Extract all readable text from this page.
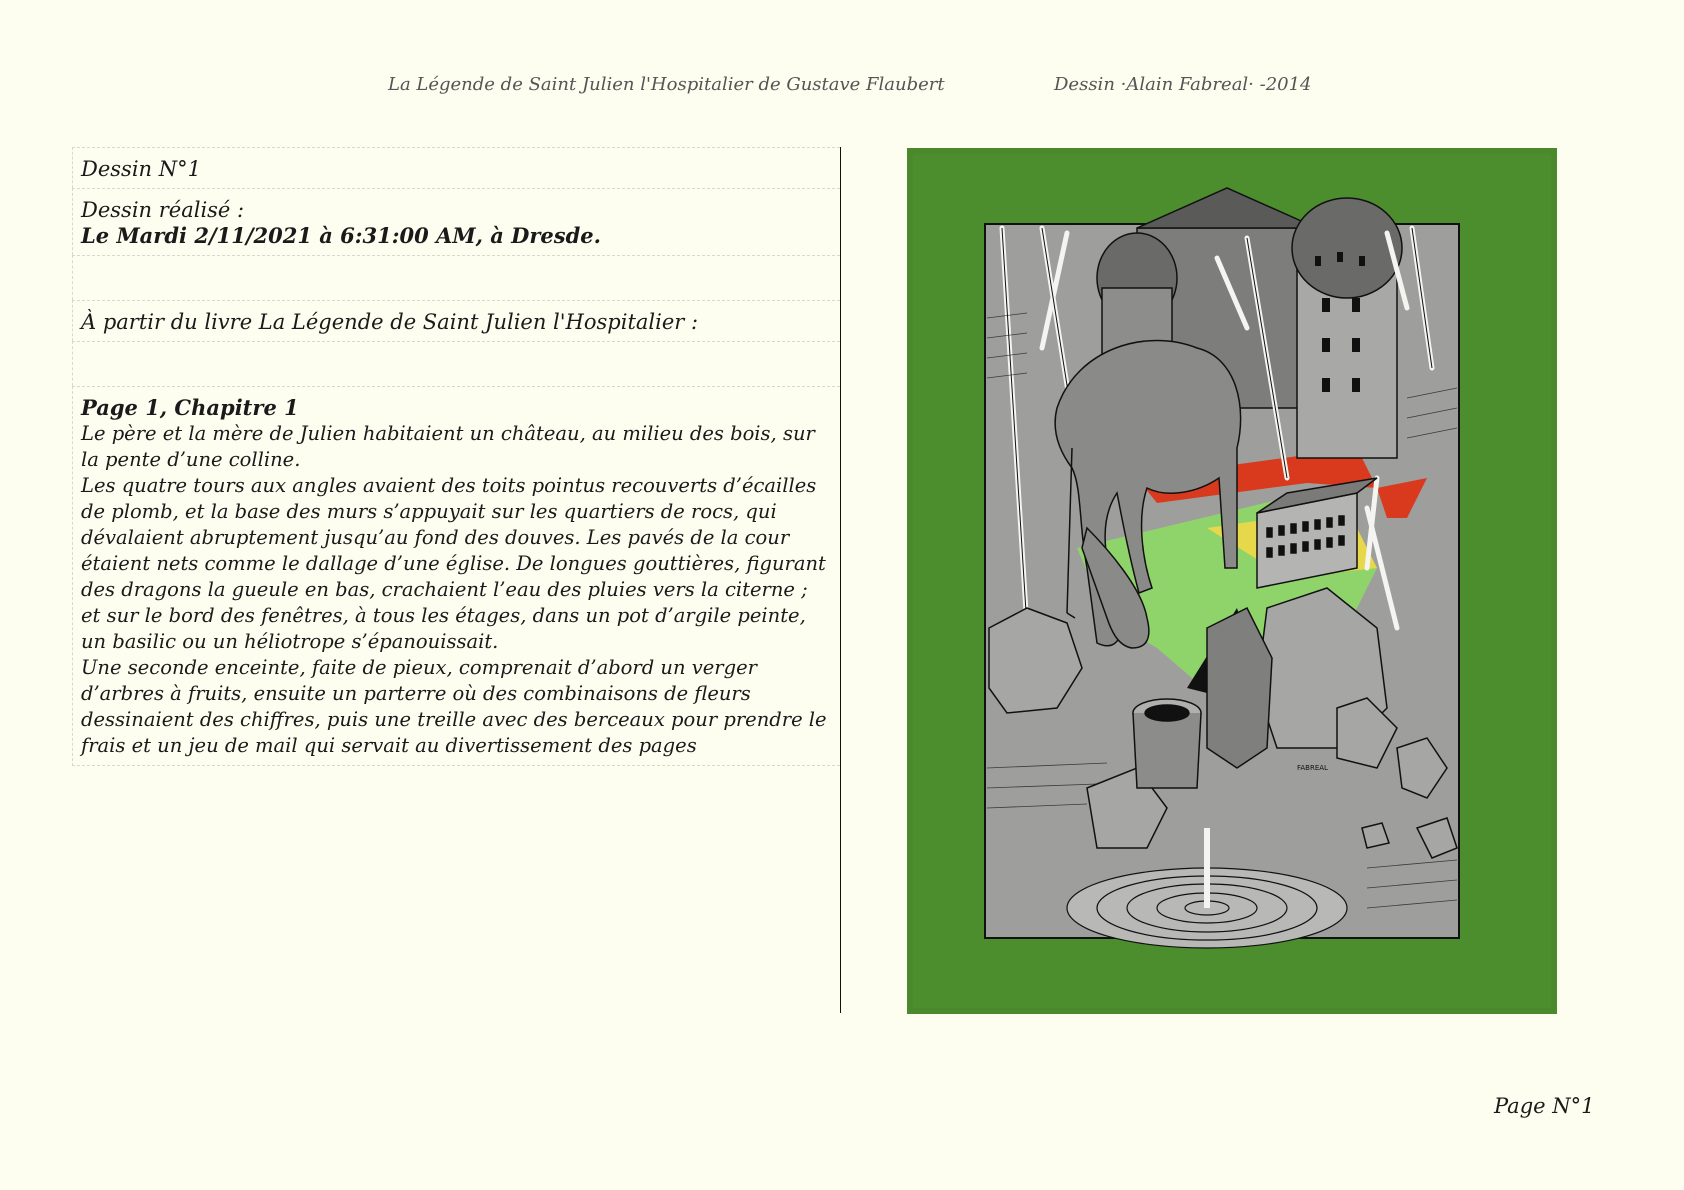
La Légende de Saint Julien l'Hospitalier de Gustave Flaubert	Dessin ·Alain Fabreal· -2014
Dessin N°1
Dessin réalisé :
Le Mardi 2/11/2021 à 6:31:00 AM, à Dresde.
À partir du livre La Légende de Saint Julien l'Hospitalier :
Page 1, Chapitre 1

Le père et la mère de Julien habitaient un château, au milieu des bois, sur la pente d’une colline.

Les quatre tours aux angles avaient des toits pointus recouverts d’écailles de plomb, et la base des murs s’appuyait sur les quartiers de rocs, qui dévalaient abruptement jusqu’au fond des douves. Les pavés de la cour étaient nets comme le dallage d’une église. De longues gouttières, figurant des dragons la gueule en bas, crachaient l’eau des pluies vers la citerne ; et sur le bord des fenêtres, à tous les étages, dans un pot d’argile peinte, un basilic ou un héliotrope s’épanouissait.

Une seconde enceinte, faite de pieux, comprenait d’abord un verger d’arbres à fruits, ensuite un parterre où des combinaisons de fleurs dessinaient des chiffres, puis une treille avec des berceaux pour prendre le frais et un jeu de mail qui servait au divertissement des pages

FABREAL
Page N°1
